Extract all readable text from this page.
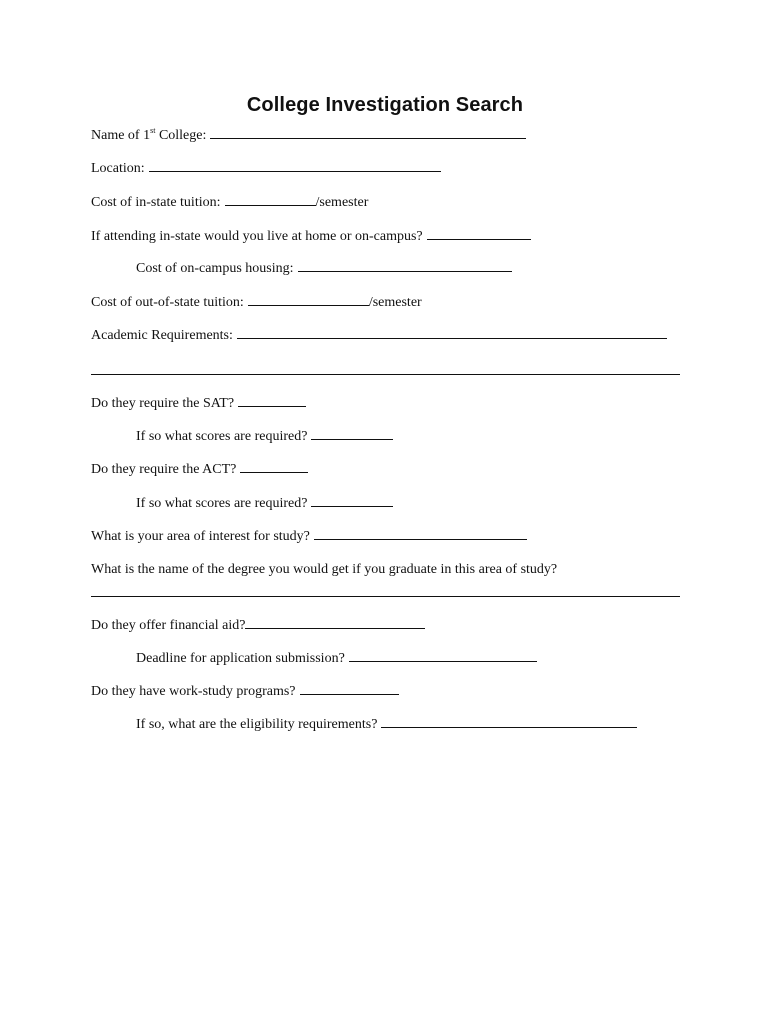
College Investigation Search
Name of 1st College:
Location:
Cost of in-state tuition:	/semester
If attending in-state would you live at home or on-campus?
Cost of on-campus housing:
Cost of out-of-state tuition:	/semester
Academic Requirements:
Do they require the SAT?
If so what scores are required?
Do they require the ACT?
If so what scores are required?
What is your area of interest for study?
What is the name of the degree you would get if you graduate in this area of study?
Do they offer financial aid?
Deadline for application submission?
Do they have work-study programs?
If so, what are the eligibility requirements?
